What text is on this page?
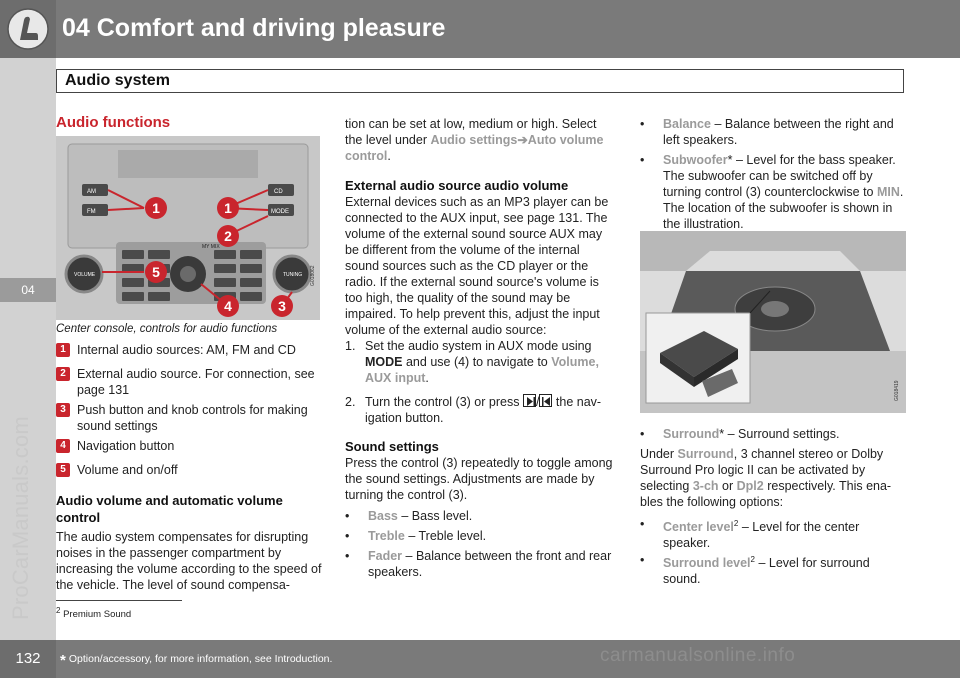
04 Comfort and driving pleasure
Audio system
04
ProCarManuals.com
Audio functions
AM
FM
CD
MODE
MY MIX
VOLUME	TUNING
1	1
2
5
4	3
G018062
Center console, controls for audio functions
1 Internal audio sources: AM, FM and CD
2 External audio source. For connection, see page 131
3 Push button and knob controls for making sound settings
4 Navigation button
5 Volume and on/off
Audio volume and automatic volume control
The audio system compensates for disrupting noises in the passenger compartment by increasing the volume according to the speed of the vehicle. The level of sound compensa-
tion can be set at low, medium or high. Select the level under Audio settings➔Auto volume control.
External audio source audio volume
External devices such as an MP3 player can be connected to the AUX input, see page 131. The volume of the external sound source AUX may be different from the volume of the internal sound sources such as the CD player or the radio. If the external sound source's volume is too high, the quality of the sound may be impaired. To help prevent this, adjust the input volume of the external audio source:
1. Set the audio system in AUX mode using MODE and use (4) to navigate to Volume, AUX input.
2. Turn the control (3) or press / the nav-igation button.
Sound settings
Press the control (3) repeatedly to toggle among the sound settings. Adjustments are made by turning the control (3).
• Bass – Bass level.
• Treble – Treble level.
• Fader – Balance between the front and rear speakers.
• Balance – Balance between the right and left speakers.
• Subwoofer* – Level for the bass speaker. The subwoofer can be switched off by turning control (3) counterclockwise to MIN. The location of the subwoofer is shown in the illustration.
G018419
• Surround* – Surround settings.
Under Surround, 3 channel stereo or Dolby Surround Pro logic II can be activated by selecting 3-ch or Dpl2 respectively. This ena-bles the following options:
• Center level$^2$ – Level for the center speaker.
• Surround level$^2$ – Level for surround sound.
$^2$ Premium Sound
132	* Option/accessory, for more information, see Introduction.	carmanualsonline.info
